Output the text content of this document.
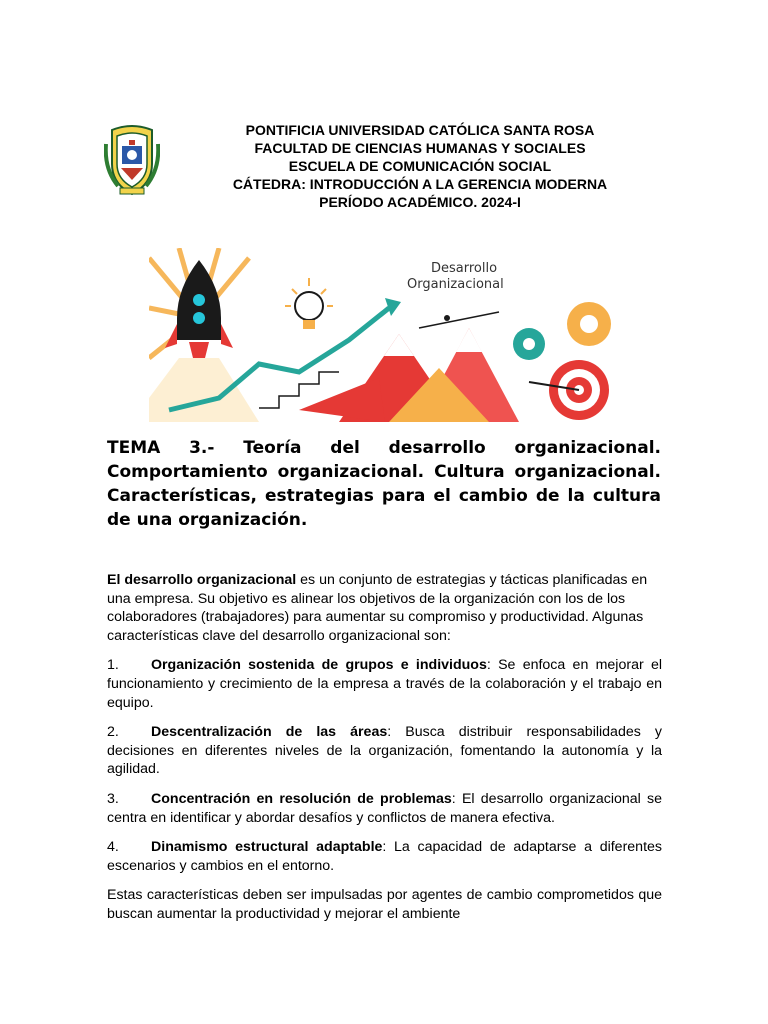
PONTIFICIA UNIVERSIDAD CATÓLICA SANTA ROSA
FACULTAD DE CIENCIAS HUMANAS Y SOCIALES
ESCUELA DE COMUNICACIÓN SOCIAL
CÁTEDRA: INTRODUCCIÓN A LA GERENCIA MODERNA
PERÍODO ACADÉMICO. 2024-I
Desarrollo
Organizacional
TEMA 3.- Teoría del desarrollo organizacional. Comportamiento organizacional. Cultura organizacional. Características, estrategias para el cambio de la cultura de una organización.

El desarrollo organizacional es un conjunto de estrategias y tácticas planificadas en una empresa. Su objetivo es alinear los objetivos de la organización con los de los colaboradores (trabajadores) para aumentar su compromiso y productividad. Algunas características clave del desarrollo organizacional son:

1. Organización sostenida de grupos e individuos: Se enfoca en mejorar el funcionamiento y crecimiento de la empresa a través de la colaboración y el trabajo en equipo.

2. Descentralización de las áreas: Busca distribuir responsabilidades y decisiones en diferentes niveles de la organización, fomentando la autonomía y la agilidad.

3. Concentración en resolución de problemas: El desarrollo organizacional se centra en identificar y abordar desafíos y conflictos de manera efectiva.

4. Dinamismo estructural adaptable: La capacidad de adaptarse a diferentes escenarios y cambios en el entorno.

Estas características deben ser impulsadas por agentes de cambio comprometidos que buscan aumentar la productividad y mejorar el ambiente
